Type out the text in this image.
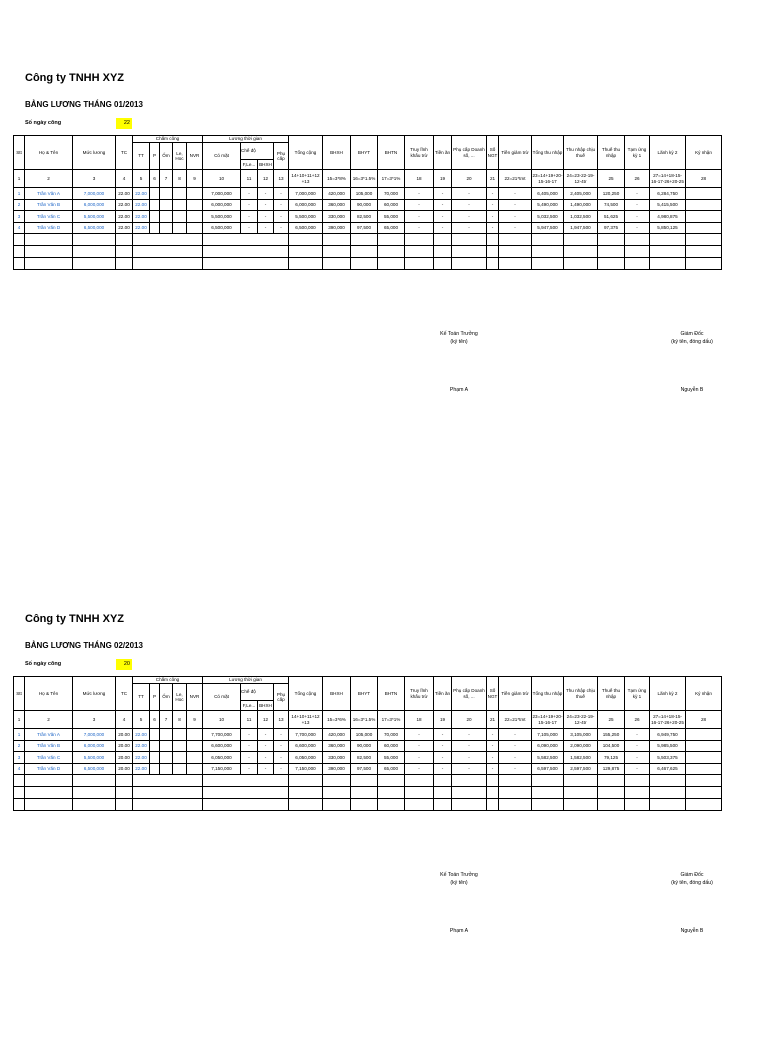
Công ty TNHH XYZ
BẢNG LƯƠNG THÁNG 01/2013
Số ngày công	22
Stt	Họ & Tên	Mức lương	TC	Chấm công					Lương thời gian				Tổng cộng	BHXH	BHYT	BHTN	Truy lĩnh khấu trừ	Tiền ăn	Phụ cấp Doanh số, ...	Số NGT	Tiền giảm trừ	Tổng thu nhập	Thu nhập chịu thuế	Thuế thu nhập	Tạm ứng kỳ 1	Lãnh kỳ 2	Ký nhận
				TT	P	Ốm	Le, Hoc	NVR	Có mặt	Chế độ		Phụ cấp															
										F,Le...	BHXH																
1	2	3	4	5	6	7	8	9	10	11	12	13	14+10+11+12 +13	15=3*8%	16=3*1.5%	17=3*1%	18	19	20	21	22=21*tmt	23=14+19+20-15-16-17	24=23-22-19-12-4tr	25	26	27=14+18-15-16-17-26+20-25	28
1	Trần Văn A	7,000,000	22.00	22.00					7,000,000	-	-	-	7,000,000	420,000	105,000	70,000	-	-	-	-	-	6,405,000	2,405,000	120,250	-	6,284,750	
2	Trần Văn B	6,000,000	22.00	22.00					6,000,000	-	-	-	6,000,000	360,000	90,000	60,000	-	-	-	-	-	5,490,000	1,490,000	74,500	-	5,415,500	
3	Trần Văn C	5,500,000	22.00	22.00					5,500,000	-	-	-	5,500,000	330,000	82,500	55,000	-	-	-	-	-	5,032,500	1,032,500	51,625	-	4,980,875	
4	Trần Văn D	6,500,000	22.00	22.00					6,500,000	-	-	-	6,500,000	390,000	97,500	65,000	-	-	-	-	-	5,947,500	1,947,500	97,375	-	5,850,125	

Kế Toán Trưởng
(ký tên)
Phạm A
Giám Đốc
(ký tên, đóng dấu)
Nguyễn B
Công ty TNHH XYZ
BẢNG LƯƠNG THÁNG 02/2013
Số ngày công	20
Stt	Họ & Tên	Mức lương	TC	Chấm công					Lương thời gian				Tổng cộng	BHXH	BHYT	BHTN	Truy lĩnh khấu trừ	Tiền ăn	Phụ cấp Doanh số, ...	Số NGT	Tiền giảm trừ	Tổng thu nhập	Thu nhập chịu thuế	Thuế thu nhập	Tạm ứng kỳ 1	Lãnh kỳ 2	Ký nhận
				TT	P	Ốm	Le, Hoc	NVR	Có mặt	Chế độ		Phụ cấp															
										F,Le...	BHXH																
1	2	3	4	5	6	7	8	9	10	11	12	13	14+10+11+12 +13	15=3*6%	16=3*1.5%	17=3*1%	18	19	20	21	22=21*tmt	23=14+19+20-15-16-17	24=23-22-19-12-4tr	25	26	27=14+18-15-16-17-26+20-25	28
1	Trần Văn A	7,000,000	20.00	22.00					7,700,000	-	-	-	7,700,000	420,000	105,000	70,000	-	-	-	-	-	7,105,000	3,105,000	155,250	-	6,949,750	
2	Trần Văn B	6,000,000	20.00	22.00					6,600,000	-	-	-	6,600,000	360,000	90,000	60,000	-	-	-	-	-	6,090,000	2,090,000	104,500	-	5,985,500	
3	Trần Văn C	5,500,000	20.00	22.00					6,050,000	-	-	-	6,050,000	330,000	82,500	55,000	-	-	-	-	-	5,582,500	1,582,500	79,125	-	5,503,375	
4	Trần Văn D	6,500,000	20.00	22.00					7,150,000	-	-	-	7,150,000	390,000	97,500	65,000	-	-	-	-	-	6,597,500	2,597,500	129,875	-	6,467,625	

Kế Toán Trưởng
(ký tên)
Phạm A
Giám Đốc
(ký tên, đóng dấu)
Nguyễn B
